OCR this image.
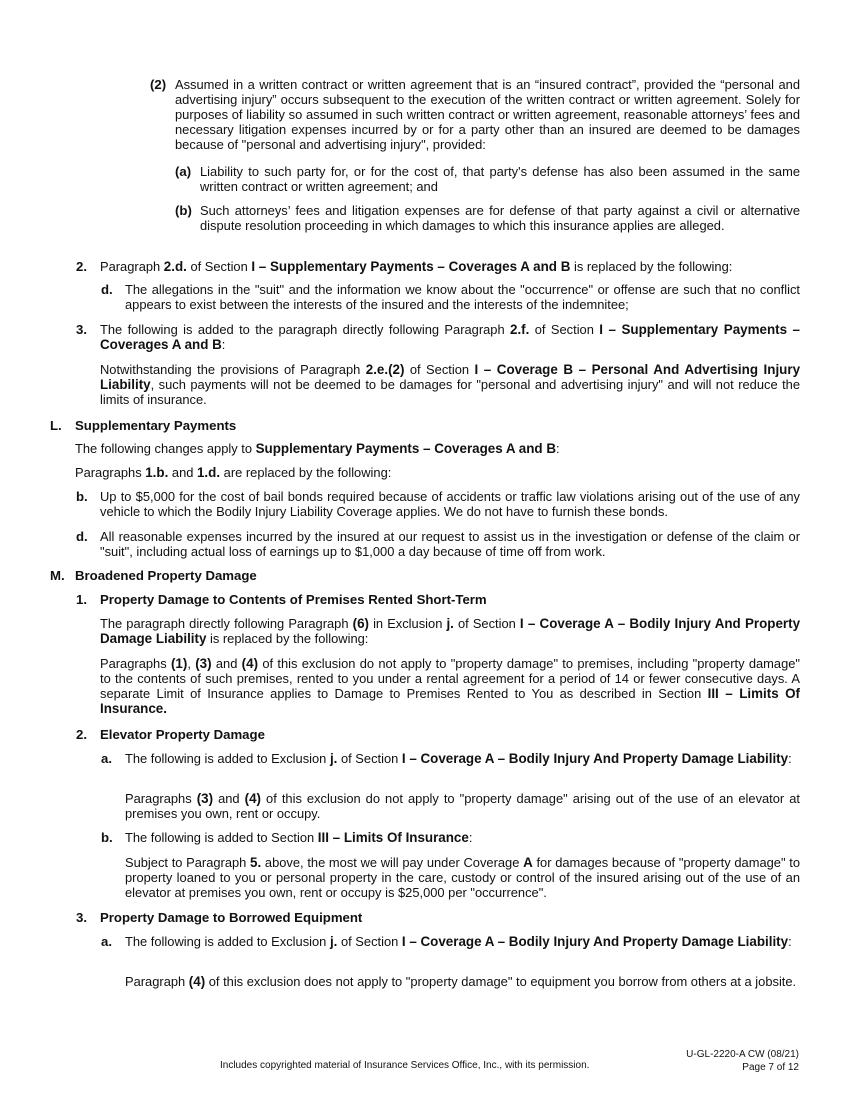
(2) Assumed in a written contract or written agreement that is an “insured contract”, provided the “personal and advertising injury” occurs subsequent to the execution of the written contract or written agreement. Solely for purposes of liability so assumed in such written contract or written agreement, reasonable attorneys’ fees and necessary litigation expenses incurred by or for a party other than an insured are deemed to be damages because of "personal and advertising injury", provided:
(a) Liability to such party for, or for the cost of, that party's defense has also been assumed in the same written contract or written agreement; and
(b) Such attorneys’ fees and litigation expenses are for defense of that party against a civil or alternative dispute resolution proceeding in which damages to which this insurance applies are alleged.
2. Paragraph 2.d. of Section I – Supplementary Payments – Coverages A and B is replaced by the following:
d. The allegations in the "suit" and the information we know about the "occurrence" or offense are such that no conflict appears to exist between the interests of the insured and the interests of the indemnitee;
3. The following is added to the paragraph directly following Paragraph 2.f. of Section I – Supplementary Payments – Coverages A and B:
Notwithstanding the provisions of Paragraph 2.e.(2) of Section I – Coverage B – Personal And Advertising Injury Liability, such payments will not be deemed to be damages for "personal and advertising injury" and will not reduce the limits of insurance.
L. Supplementary Payments
The following changes apply to Supplementary Payments – Coverages A and B:
Paragraphs 1.b. and 1.d. are replaced by the following:
b. Up to $5,000 for the cost of bail bonds required because of accidents or traffic law violations arising out of the use of any vehicle to which the Bodily Injury Liability Coverage applies. We do not have to furnish these bonds.
d. All reasonable expenses incurred by the insured at our request to assist us in the investigation or defense of the claim or "suit", including actual loss of earnings up to $1,000 a day because of time off from work.
M. Broadened Property Damage
1. Property Damage to Contents of Premises Rented Short-Term
The paragraph directly following Paragraph (6) in Exclusion j. of Section I – Coverage A – Bodily Injury And Property Damage Liability is replaced by the following:
Paragraphs (1), (3) and (4) of this exclusion do not apply to "property damage" to premises, including "property damage" to the contents of such premises, rented to you under a rental agreement for a period of 14 or fewer consecutive days. A separate Limit of Insurance applies to Damage to Premises Rented to You as described in Section III – Limits Of Insurance.
2. Elevator Property Damage
a. The following is added to Exclusion j. of Section I – Coverage A – Bodily Injury And Property Damage Liability:
Paragraphs (3) and (4) of this exclusion do not apply to "property damage" arising out of the use of an elevator at premises you own, rent or occupy.
b. The following is added to Section III – Limits Of Insurance:
Subject to Paragraph 5. above, the most we will pay under Coverage A for damages because of "property damage" to property loaned to you or personal property in the care, custody or control of the insured arising out of the use of an elevator at premises you own, rent or occupy is $25,000 per "occurrence".
3. Property Damage to Borrowed Equipment
a. The following is added to Exclusion j. of Section I – Coverage A – Bodily Injury And Property Damage Liability:
Paragraph (4) of this exclusion does not apply to "property damage" to equipment you borrow from others at a jobsite.
Includes copyrighted material of Insurance Services Office, Inc., with its permission.
U-GL-2220-A CW (08/21)
Page 7 of 12
